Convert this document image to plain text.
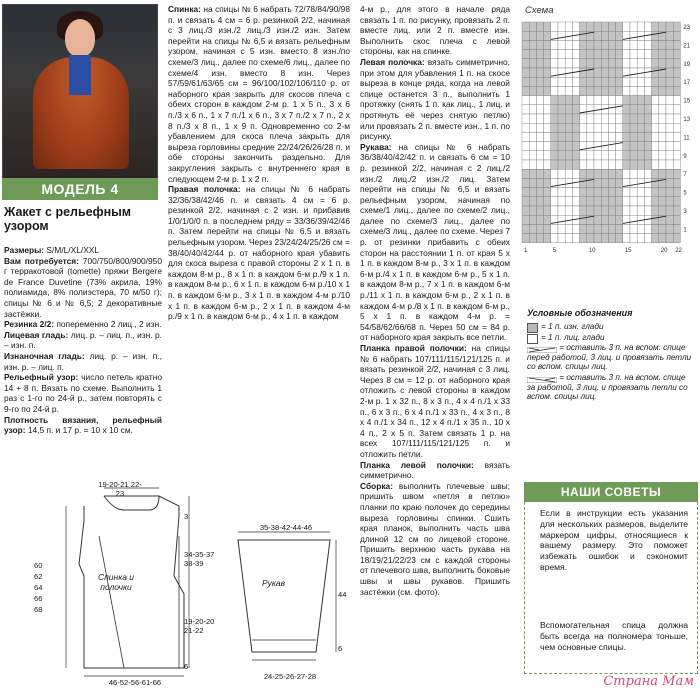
МОДЕЛЬ 4
Жакет с рельефным узором
Размеры: S/M/L/XL/XXL
Вам потребуется: 700/750/800/900/950 г терракотовой (tomette) пряжи Bergere de France Duvetine (73% акрила, 19% полиамида, 8% полиэстера, 70 м/50 г); спицы № 6 и № 6,5; 2 декоративные застёжки.
Резинка 2/2: попеременно 2 лиц., 2 изн.
Лицевая гладь: лиц. р. – лиц. п., изн. р. – изн. п.
Изнаночная гладь: лиц. р. – изн. п., изн. р. – лиц. п.
Рельефный узор: число петель кратно 14 + 8 п. Вязать по схеме. Выполнить 1 раз с 1-го по 24-й р., затем повторять с 9-го по 24-й р.
Плотность вязания, рельефный узор: 14,5 п. и 17 р. = 10 х 10 см.
Спинка: на спицы № 6 набрать 72/78/84/90/98 п. и связать 4 см = 6 р. резинкой 2/2, начиная с 3 лиц./3 изн./2 лиц./3 изн./2 изн. Затем перейти на спицы № 6,5 и вязать рельефным узором, начиная с 5 изн. вместо 8 изн./по схеме/3 лиц., далее по схеме/6 лиц., далее по схеме/4 изн. вместо 8 изн. Через 57/59/61/63/65 см = 96/100/102/106/110 р. от наборного края закрыть для скосов плеча с обеих сторон в каждом 2-м р. 1 х 5 п., 3 х 6 п./3 х 6 п., 1 х 7 п./1 х 6 п., 3 х 7 п./2 х 7 п., 2 х 8 п./3 х 8 п., 1 х 9 п. Одновременно со 2-м убавлением для скоса плеча закрыть для выреза горловины средние 22/24/26/26/28 п. и обе стороны закончить раздельно. Для закругления закрыть с внутреннего края в следующем 2-м р. 1 х 2 п.
Правая полочка: на спицы № 6 набрать 32/36/38/42/46 п. и связать 4 см = 6 р. резинкой 2/2, начиная с 2 изн. и прибавив 1/0/1/0/0 п. в последнем ряду = 33/36/39/42/46 п. Затем перейти на спицы № 6,5 и вязать рельефным узором. Через 23/24/24/25/26 см = 38/40/40/42/44 р. от наборного края убавить для скоса выреза с правой стороны 2 х 1 п. в каждом 8-м р., 8 х 1 п. в каждом 6-м р./9 х 1 п. в каждом 8-м р., 6 х 1 п. в каждом 6-м р./10 х 1 п. в каждом 6-м р., 3 х 1 п. в каждом 4-м р./10 х 1 п. в каждом 6-м р., 2 х 1 п. в каждом 4-м р./9 х 1 п. в каждом 6-м р., 4 х 1 п. в каждом
4-м р., для этого в начале ряда связать 1 п. по рисунку, провязать 2 п. вместе лиц. или 2 п. вместе изн. Выполнить скос плеча с левой стороны, как на спинке.
Левая полочка: вязать симметрично, при этом для убавления 1 п. на скосе выреза в конце ряда, когда на левой спице останется 3 п., выполнить 1 протяжку (снять 1 п. как лиц., 1 лиц. и протянуть её через снятую петлю) или провязать 2 п. вместе изн., 1 п. по рисунку.
Рукава: на спицы № 6 набрать 36/38/40/42/42 п. и связать 6 см = 10 р. резинкой 2/2, начиная с 2 лиц./2 изн./2 лиц./2 изн./2 лиц. Затем перейти на спицы № 6,5 и вязать рельефным узором, начиная по схеме/1 лиц., далее по схеме/2 лиц., далее по схеме/3 лиц., далее по схеме/3 лиц., далее по схеме. Через 7 р. от резинки прибавить с обеих сторон на расстоянии 1 п. от края 5 х 1 п. в каждом 8-м р., 3 х 1 п. в каждом 6-м р./4 х 1 п. в каждом 6-м р., 5 х 1 п. в каждом 8-м р., 7 х 1 п. в каждом 6-м р./11 х 1 п. в каждом 6-м р., 2 х 1 п. в каждом 4-м р./8 х 1 п. в каждом 6-м р., 5 х 1 п. в каждом 4-м р. = 54/58/62/66/68 п. Через 50 см = 84 р. от наборного края закрыть все петли.
Планка правой полочки: на спицы № 6 набрать 107/111/115/121/125 п. и вязать резинкой 2/2, начиная с 3 лиц. Через 8 см = 12 р. от наборного края отложить с левой стороны в каждом 2-м р. 1 х 32 п., 8 х 3 п., 4 х 4 п./1 х 33 п., 6 х 3 п., 6 х 4 п./1 х 33 п., 4 х 3 п., 8 х 4 п./1 х 34 п., 12 х 4 п./1 х 35 п., 10 х 4 п., 2 х 5 п. Затем связать 1 р. на всех 107/111/115/121/125 п. и отложить петли.
Планка левой полочки: вязать симметрично.
Сборка: выполнить плечевые швы; пришить швом «петля в петлю» планки по краю полочек до середины выреза горловины спинки. Сшить края планок, выполнить часть шва длиной 12 см по лицевой стороне. Пришить верхнюю часть рукава на 18/19/21/22/23 см с каждой стороны от плечевого шва, выполнить боковые швы и швы рукавов. Пришить застёжки (см. фото).
Схема
22
20
15
10
5
1
23
21
19
17
15
13
11
9
7
5
3
1
Условные обозначения
= 1 п. изн. глади
= 1 п. лиц. глади
= оставить 3 п. на вспом. спице перед работой, 3 лиц. и провязать петли со вспом. спицы лиц.
= оставить 3 п. на вспом. спице за работой, 3 лиц. и провязать петли со вспом. спицы лиц.
НАШИ СОВЕТЫ
Если в инструкции есть указания для нескольких размеров, выделите маркером цифры, относящиеся к вашему размеру. Это поможет избежать ошибок и сэкономит время.
Вспомогательная спица должна быть всегда на полномера тоньше, чем основные спицы.
19-20-21 22-23
Спинка и полочки
46-52-56-61-66
3
34-35-37 38-39
19-20-20 21-22
6
60
62
64
66
68
35-38-42-44-46
Рукав
44
6
24-25-26-27-28	Страна Мам
